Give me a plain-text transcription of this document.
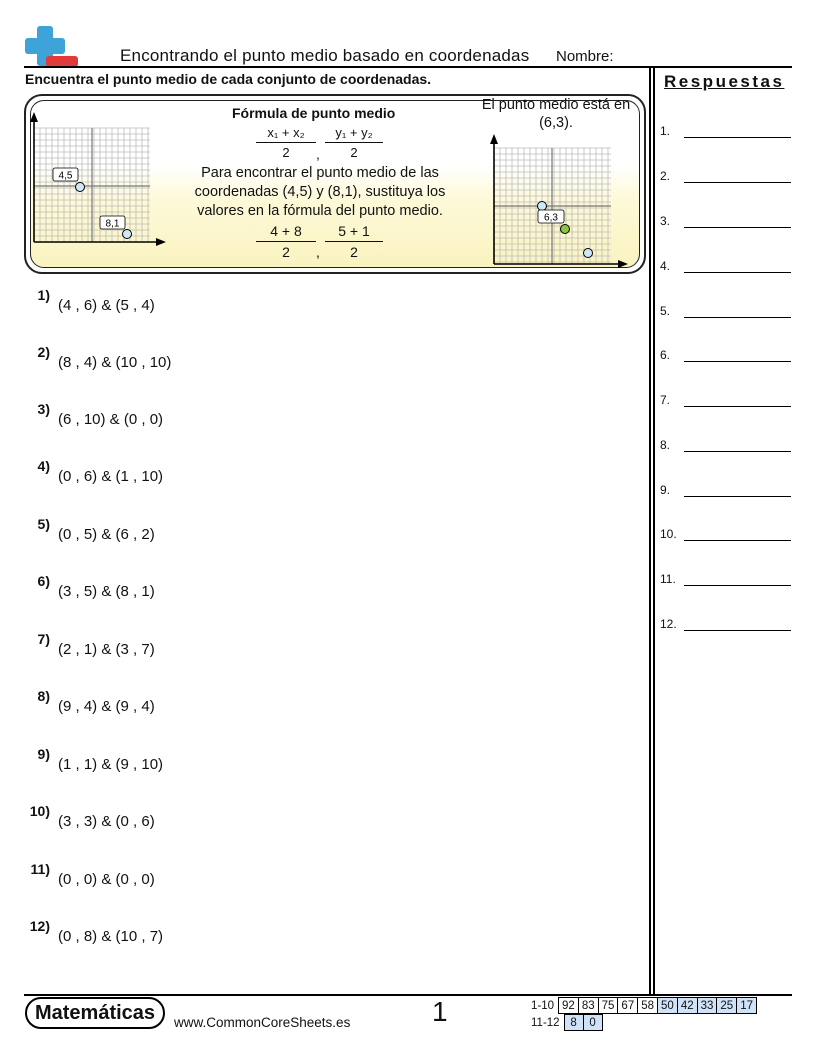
Encontrando el punto medio basado en coordenadas Nombre:
Encuentra el punto medio de cada conjunto de coordenadas.	Respuestas
4,5
8,1
Fórmula de punto medio
$\frac{\text{x₁ + x₂}}{2}$ , $\frac{\text{y₁ + y₂}}{2}$
Para encontrar el punto medio de las coordenadas (4,5) y (8,1), sustituya los valores en la fórmula del punto medio.
$\frac{4 + 8}{2}$ , $\frac{5 + 1}{2}$
El punto medio está en
(6,3).
6,3
1)
(4 , 6) & (5 , 4)
2)
(8 , 4) & (10 , 10)
3)
(6 , 10) & (0 , 0)
4)
(0 , 6) & (1 , 10)
5)
(0 , 5) & (6 , 2)
6)
(3 , 5) & (8 , 1)
7)
(2 , 1) & (3 , 7)
8)
(9 , 4) & (9 , 4)
9)
(1 , 1) & (9 , 10)
10)
(3 , 3) & (0 , 6)
11)
(0 , 0) & (0 , 0)
12)
(0 , 8) & (10 , 7)
1.
2.
3.
4.
5.
6.
7.
8.
9.
10.
11.
12.
Matemáticas	www.CommonCoreSheets.es	1	1-10	92	83	75	67	58	50	42	33	25	17
11-12	8	0
